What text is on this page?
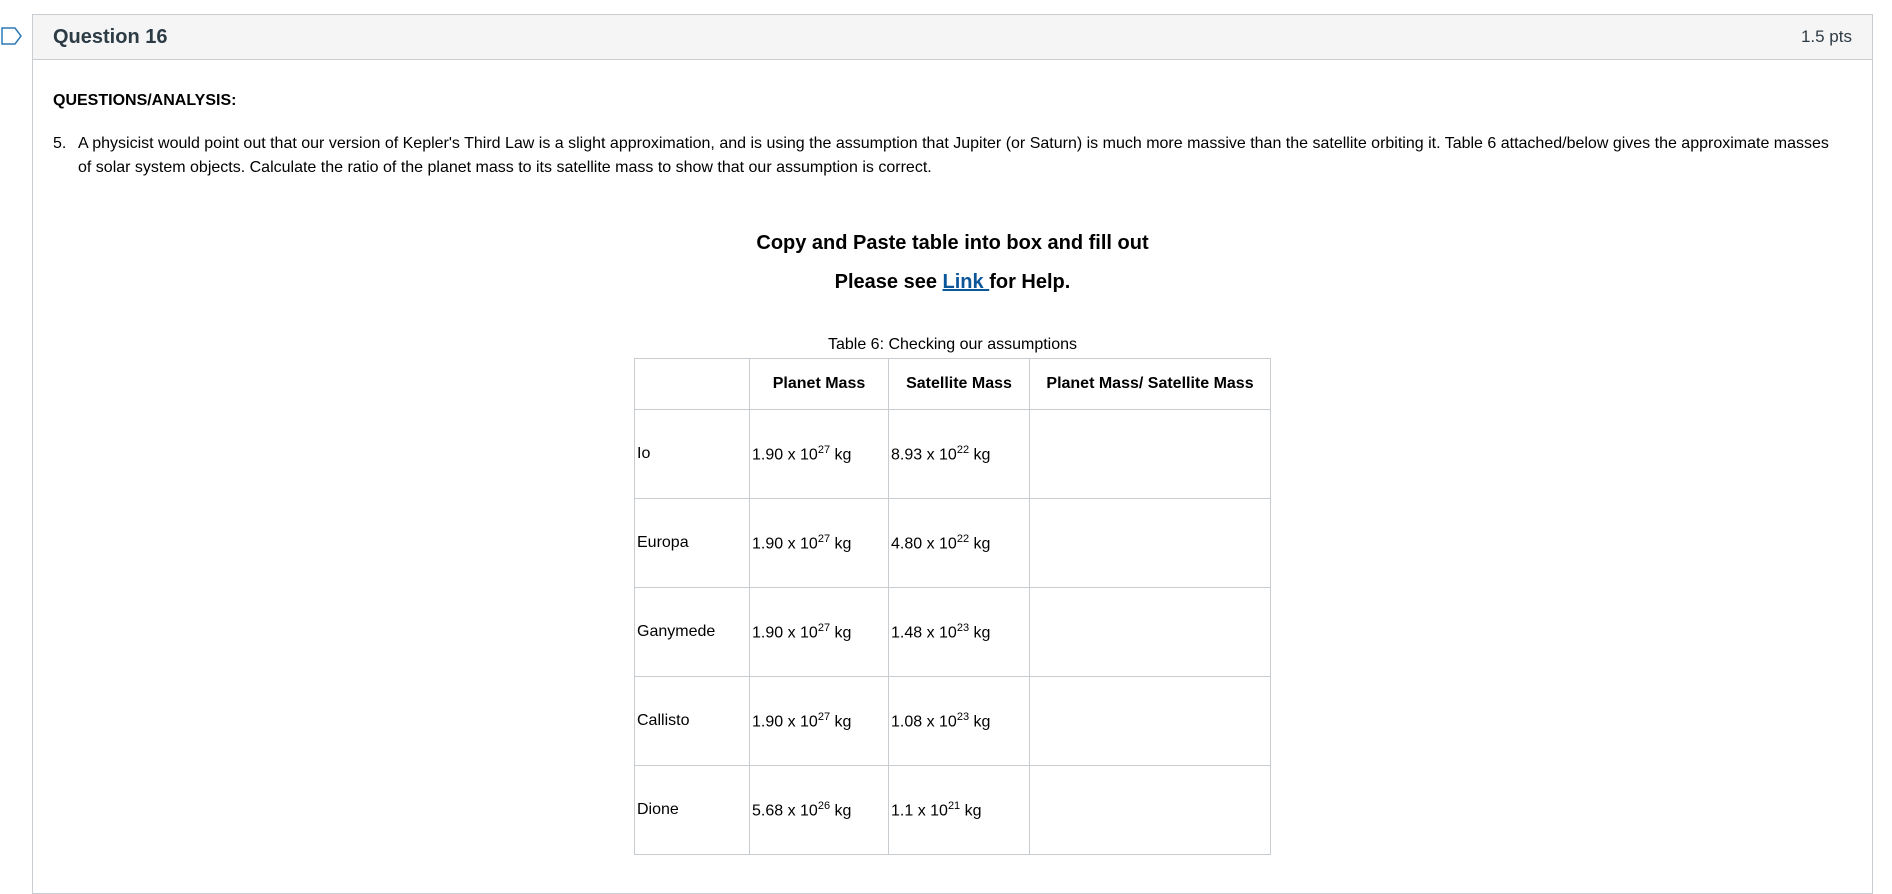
Question 16	1.5 pts
QUESTIONS/ANALYSIS:
5. A physicist would point out that our version of Kepler's Third Law is a slight approximation, and is using the assumption that Jupiter (or Saturn) is much more massive than the satellite orbiting it. Table 6 attached/below gives the approximate masses of solar system objects. Calculate the ratio of the planet mass to its satellite mass to show that our assumption is correct.
Copy and Paste table into box and fill out
Please see Link for Help.
Table 6: Checking our assumptions
	Planet Mass	Satellite Mass	Planet Mass/ Satellite Mass
Io	1.90 x $10^{27}$ kg	8.93 x $10^{22}$ kg	
Europa	1.90 x $10^{27}$ kg	4.80 x $10^{22}$ kg	
Ganymede	1.90 x $10^{27}$ kg	1.48 x $10^{23}$ kg	
Callisto	1.90 x $10^{27}$ kg	1.08 x $10^{23}$ kg	
Dione	5.68 x $10^{26}$ kg	1.1 x $10^{21}$ kg	
